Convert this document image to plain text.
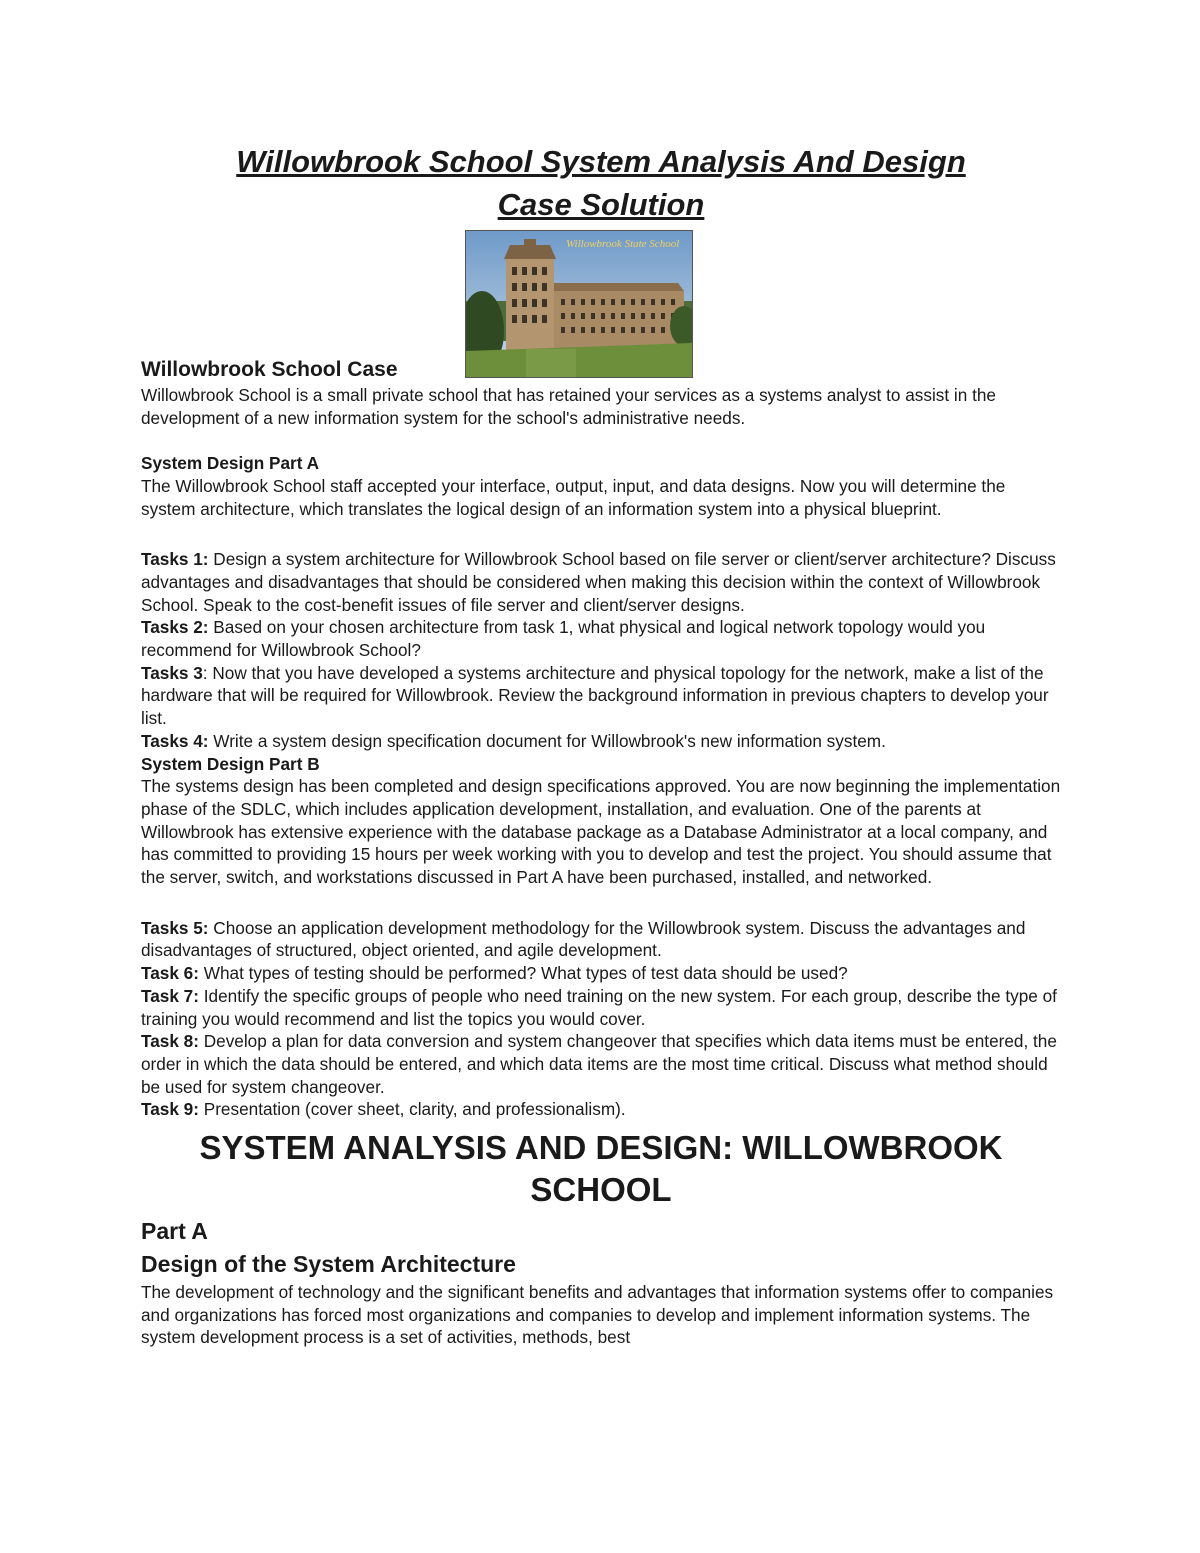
Willowbrook School System Analysis And Design
Case Solution
Willowbrook State School
Willowbrook School Case

Willowbrook School is a small private school that has retained your services as a systems analyst to assist in the development of a new information system for the school's administrative needs.

System Design Part A

The Willowbrook School staff accepted your interface, output, input, and data designs. Now you will determine the system architecture, which translates the logical design of an information system into a physical blueprint.

Tasks 1: Design a system architecture for Willowbrook School based on file server or client/server architecture? Discuss advantages and disadvantages that should be considered when making this decision within the context of Willowbrook School. Speak to the cost-benefit issues of file server and client/server designs.

Tasks 2: Based on your chosen architecture from task 1, what physical and logical network topology would you recommend for Willowbrook School?

Tasks 3: Now that you have developed a systems architecture and physical topology for the network, make a list of the hardware that will be required for Willowbrook. Review the background information in previous chapters to develop your list.

Tasks 4: Write a system design specification document for Willowbrook's new information system.

System Design Part B

The systems design has been completed and design specifications approved. You are now beginning the implementation phase of the SDLC, which includes application development, installation, and evaluation. One of the parents at Willowbrook has extensive experience with the database package as a Database Administrator at a local company, and has committed to providing 15 hours per week working with you to develop and test the project. You should assume that the server, switch, and workstations discussed in Part A have been purchased, installed, and networked.

Tasks 5: Choose an application development methodology for the Willowbrook system. Discuss the advantages and disadvantages of structured, object oriented, and agile development.

Task 6: What types of testing should be performed? What types of test data should be used?

Task 7: Identify the specific groups of people who need training on the new system. For each group, describe the type of training you would recommend and list the topics you would cover.

Task 8: Develop a plan for data conversion and system changeover that specifies which data items must be entered, the order in which the data should be entered, and which data items are the most time critical. Discuss what method should be used for system changeover.

Task 9: Presentation (cover sheet, clarity, and professionalism).

SYSTEM ANALYSIS AND DESIGN: WILLOWBROOK
SCHOOL
Part A
Design of the System Architecture

The development of technology and the significant benefits and advantages that information systems offer to companies and organizations has forced most organizations and companies to develop and implement information systems. The system development process is a set of activities, methods, best
